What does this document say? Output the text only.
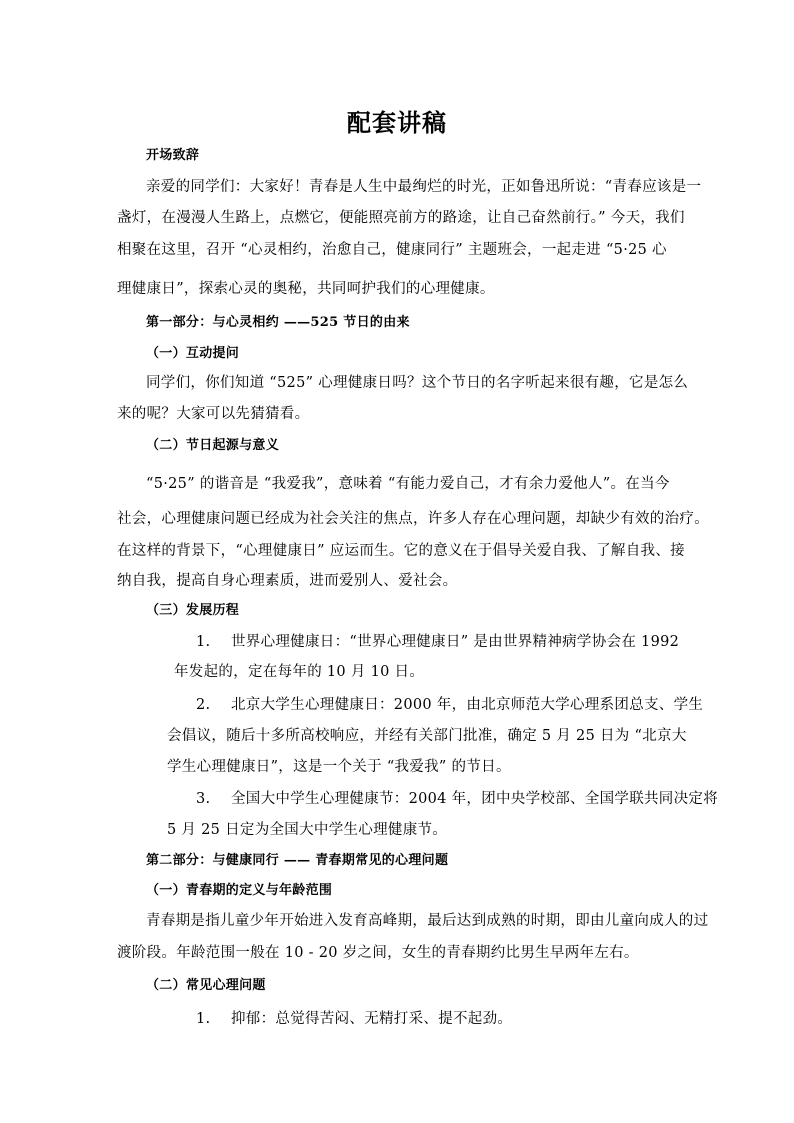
配套讲稿
开场致辞
亲爱的同学们：大家好！青春是人生中最绚烂的时光，正如鲁迅所说：“青春应该是一
盏灯，在漫漫人生路上，点燃它，便能照亮前方的路途，让自己奋然前行。” 今天，我们
相聚在这里，召开 “心灵相约，治愈自己，健康同行” 主题班会，一起走进 “5·25 心
理健康日”，探索心灵的奥秘，共同呵护我们的心理健康。
第一部分：与心灵相约 ——525 节日的由来
（一）互动提问
同学们，你们知道 “525” 心理健康日吗？这个节日的名字听起来很有趣，它是怎么
来的呢？大家可以先猜猜看。
（二）节日起源与意义
“5·25” 的谐音是 “我爱我”，意味着 “有能力爱自己，才有余力爱他人”。在当今
社会，心理健康问题已经成为社会关注的焦点，许多人存在心理问题，却缺少有效的治疗。
在这样的背景下，“心理健康日” 应运而生。它的意义在于倡导关爱自我、了解自我、接
纳自我，提高自身心理素质，进而爱别人、爱社会。
（三）发展历程
1. 世界心理健康日：“世界心理健康日” 是由世界精神病学协会在 1992
年发起的，定在每年的 10 月 10 日。
2. 北京大学生心理健康日：2000 年，由北京师范大学心理系团总支、学生
会倡议，随后十多所高校响应，并经有关部门批准，确定 5 月 25 日为 “北京大
学生心理健康日”，这是一个关于 “我爱我” 的节日。
3. 全国大中学生心理健康节：2004 年，团中央学校部、全国学联共同决定将
5 月 25 日定为全国大中学生心理健康节。
第二部分：与健康同行 —— 青春期常见的心理问题
（一）青春期的定义与年龄范围
青春期是指儿童少年开始进入发育高峰期，最后达到成熟的时期，即由儿童向成人的过
渡阶段。年龄范围一般在 10 - 20 岁之间，女生的青春期约比男生早两年左右。
（二）常见心理问题
1. 抑郁：总觉得苦闷、无精打采、提不起劲。
